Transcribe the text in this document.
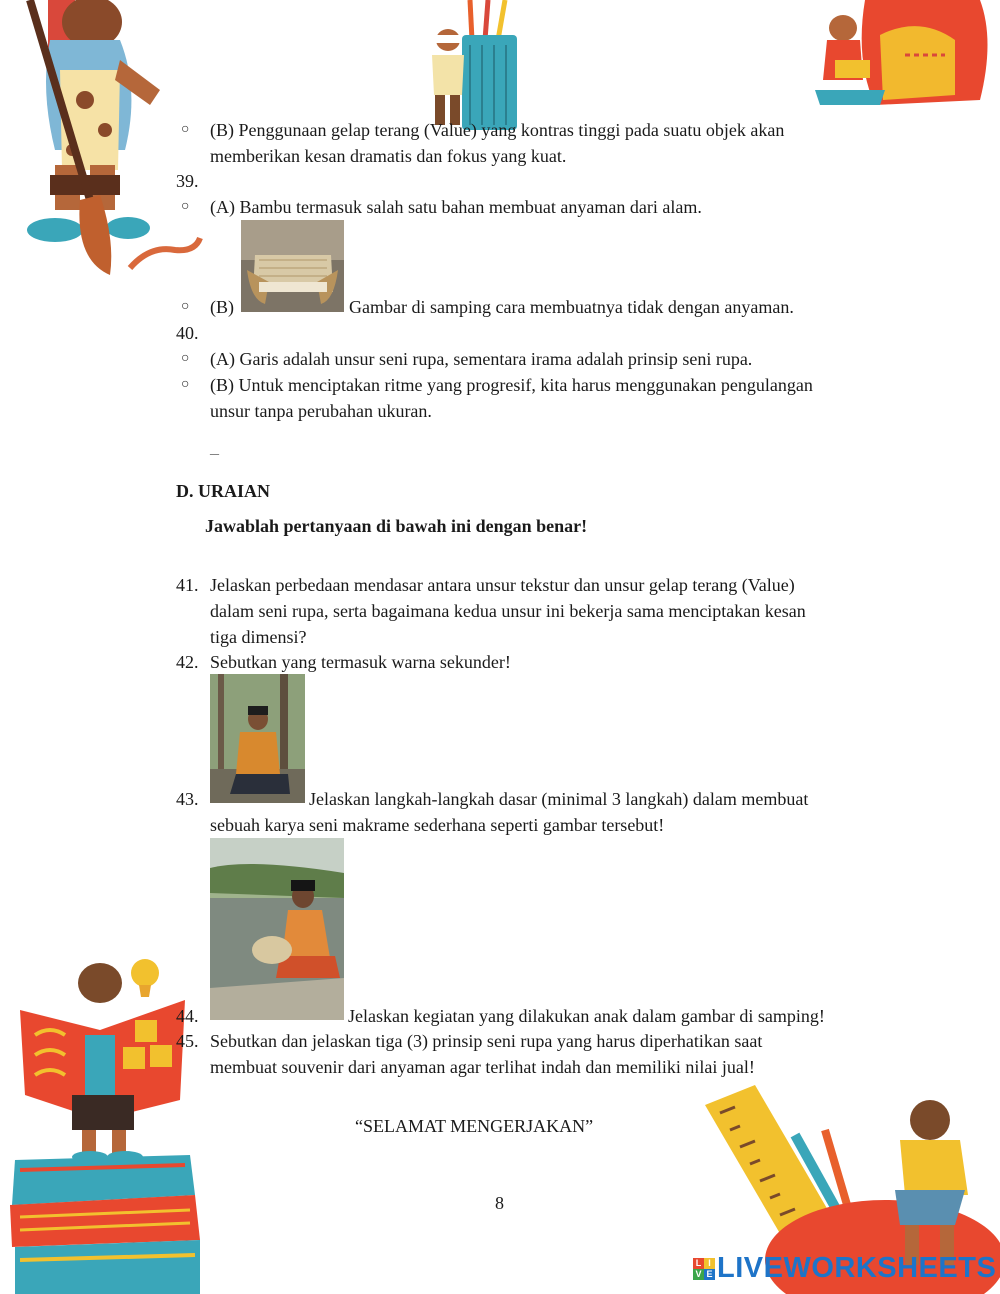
○ (B) Penggunaan gelap terang (Value) yang kontras tinggi pada suatu objek akan
memberikan kesan dramatis dan fokus yang kuat.
39.
○ (A) Bambu termasuk salah satu bahan membuat anyaman dari alam.
○ (B)	Gambar di samping cara membuatnya tidak dengan anyaman.
40.
○ (A) Garis adalah unsur seni rupa, sementara irama adalah prinsip seni rupa.
○ (B) Untuk menciptakan ritme yang progresif, kita harus menggunakan pengulangan
unsur tanpa perubahan ukuran.
–
D. URAIAN
Jawablah pertanyaan di bawah ini dengan benar!
41. Jelaskan perbedaan mendasar antara unsur tekstur dan unsur gelap terang (Value)
dalam seni rupa, serta bagaimana kedua unsur ini bekerja sama menciptakan kesan
tiga dimensi?
42. Sebutkan yang termasuk warna sekunder!
43.	Jelaskan langkah-langkah dasar (minimal 3 langkah) dalam membuat
sebuah karya seni makrame sederhana seperti gambar tersebut!
44.	Jelaskan kegiatan yang dilakukan anak dalam gambar di samping!
45. Sebutkan dan jelaskan tiga (3) prinsip seni rupa yang harus diperhatikan saat
membuat souvenir dari anyaman agar terlihat indah dan memiliki nilai jual!
“SELAMAT MENGERJAKAN”
8
L I
V E LIVEWORKSHEETS
